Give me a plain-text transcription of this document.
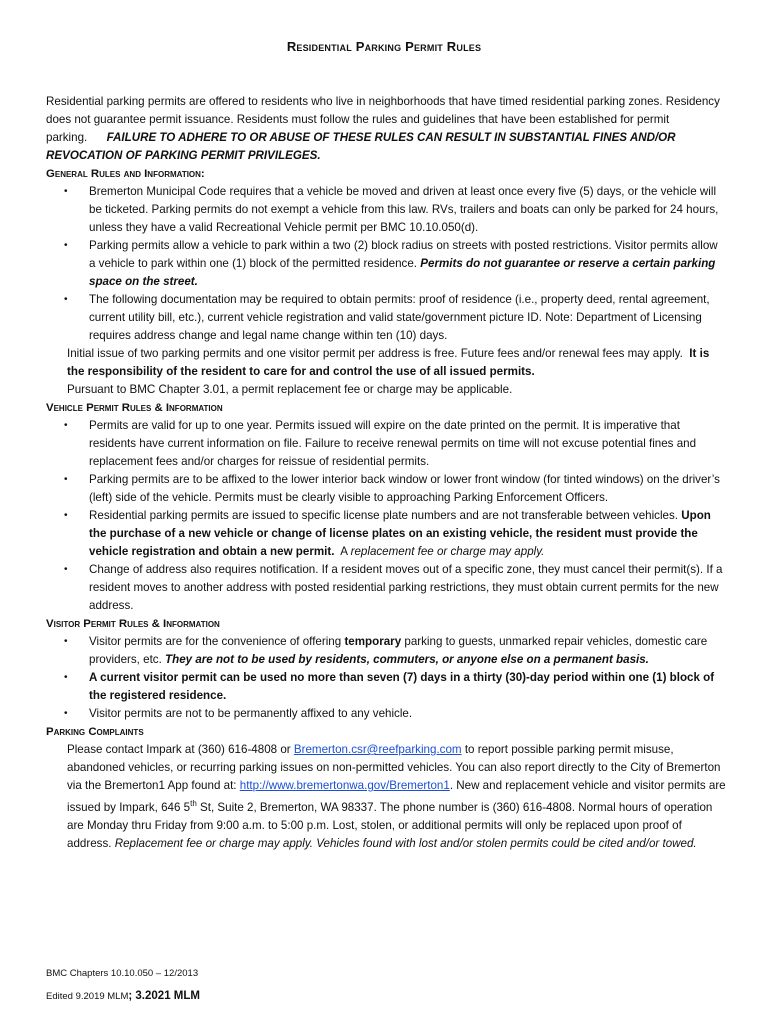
Residential Parking Permit Rules

Residential parking permits are offered to residents who live in neighborhoods that have timed residential parking zones. Residency does not guarantee permit issuance. Residents must follow the rules and guidelines that have been established for permit parking. FAILURE TO ADHERE TO OR ABUSE OF THESE RULES CAN RESULT IN SUBSTANTIAL FINES AND/OR REVOCATION OF PARKING PERMIT PRIVILEGES.

General Rules and Information:

• Bremerton Municipal Code requires that a vehicle be moved and driven at least once every five (5) days, or the vehicle will be ticketed. Parking permits do not exempt a vehicle from this law. RVs, trailers and boats can only be parked for 24 hours, unless they have a valid Recreational Vehicle permit per BMC 10.10.050(d).
• Parking permits allow a vehicle to park within a two (2) block radius on streets with posted restrictions. Visitor permits allow a vehicle to park within one (1) block of the permitted residence. Permits do not guarantee or reserve a certain parking space on the street.
• The following documentation may be required to obtain permits: proof of residence (i.e., property deed, rental agreement, current utility bill, etc.), current vehicle registration and valid state/government picture ID. Note: Department of Licensing requires address change and legal name change within ten (10) days.

Initial issue of two parking permits and one visitor permit per address is free. Future fees and/or renewal fees may apply. It is the responsibility of the resident to care for and control the use of all issued permits.

Pursuant to BMC Chapter 3.01, a permit replacement fee or charge may be applicable.

Vehicle Permit Rules & Information

• Permits are valid for up to one year. Permits issued will expire on the date printed on the permit. It is imperative that residents have current information on file. Failure to receive renewal permits on time will not excuse potential fines and replacement fees and/or charges for reissue of residential permits.
• Parking permits are to be affixed to the lower interior back window or lower front window (for tinted windows) on the driver’s (left) side of the vehicle. Permits must be clearly visible to approaching Parking Enforcement Officers.
• Residential parking permits are issued to specific license plate numbers and are not transferable between vehicles. Upon the purchase of a new vehicle or change of license plates on an existing vehicle, the resident must provide the vehicle registration and obtain a new permit. A replacement fee or charge may apply.
• Change of address also requires notification. If a resident moves out of a specific zone, they must cancel their permit(s). If a resident moves to another address with posted residential parking restrictions, they must obtain current permits for the new address.

Visitor Permit Rules & Information

• Visitor permits are for the convenience of offering temporary parking to guests, unmarked repair vehicles, domestic care providers, etc. They are not to be used by residents, commuters, or anyone else on a permanent basis.
• A current visitor permit can be used no more than seven (7) days in a thirty (30)-day period within one (1) block of the registered residence.
• Visitor permits are not to be permanently affixed to any vehicle.

Parking Complaints

Please contact Impark at (360) 616-4808 or Bremerton.csr@reefparking.com to report possible parking permit misuse, abandoned vehicles, or recurring parking issues on non-permitted vehicles. You can also report directly to the City of Bremerton via the Bremerton1 App found at: http://www.bremertonwa.gov/Bremerton1. New and replacement vehicle and visitor permits are issued by Impark, 646 5th St, Suite 2, Bremerton, WA 98337. The phone number is (360) 616-4808. Normal hours of operation are Monday thru Friday from 9:00 a.m. to 5:00 p.m. Lost, stolen, or additional permits will only be replaced upon proof of address. Replacement fee or charge may apply. Vehicles found with lost and/or stolen permits could be cited and/or towed.

BMC Chapters 10.10.050 – 12/2013
Edited 9.2019 MLM; 3.2021 MLM
